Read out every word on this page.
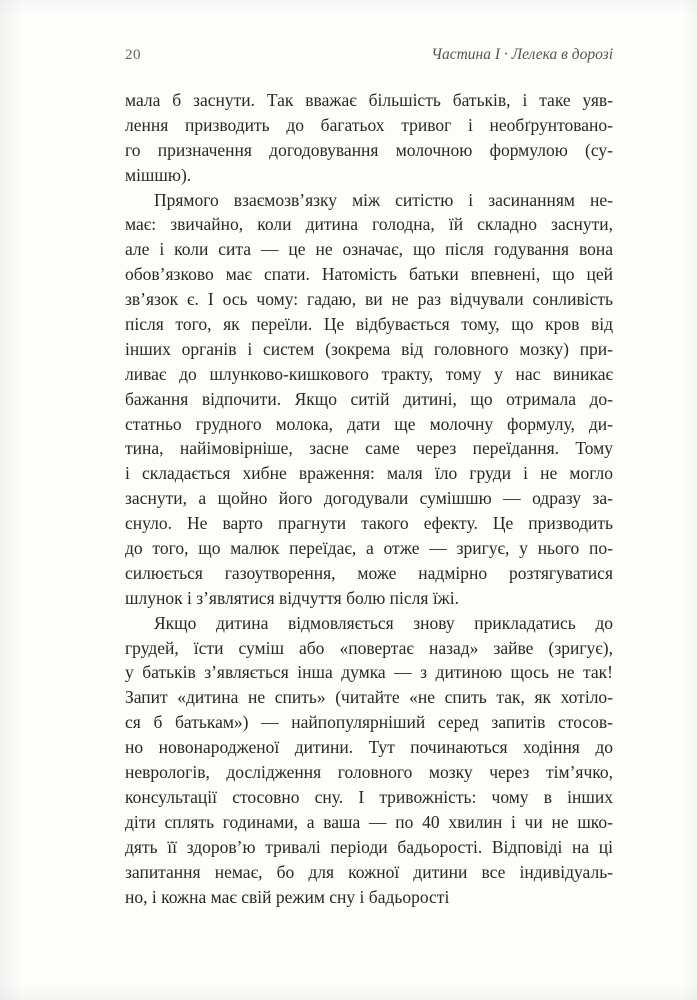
20	Частина I · Лелека в дорозі
мала б заснути. Так вважає більшість батьків, і таке уяв-
лення призводить до багатьох тривог і необґрунтовано-
го призначення догодовування молочною формулою (су-
мішшю).
Прямого взаємозв’язку між ситістю і засинанням не-
має: звичайно, коли дитина голодна, їй складно заснути,
але і коли сита — це не означає, що після годування вона
обов’язково має спати. Натомість батьки впевнені, що цей
зв’язок є. І ось чому: гадаю, ви не раз відчували сонливість
після того, як переїли. Це відбувається тому, що кров від
інших органів і систем (зокрема від головного мозку) при-
ливає до шлунково-кишкового тракту, тому у нас виникає
бажання відпочити. Якщо ситій дитині, що отримала до-
статньо грудного молока, дати ще молочну формулу, ди-
тина, найімовірніше, засне саме через переїдання. Тому
і складається хибне враження: маля їло груди і не могло
заснути, а щойно його догодували сумішшю — одразу за-
снуло. Не варто прагнути такого ефекту. Це призводить
до того, що малюк переїдає, а отже — зригує, у нього по-
силюється газоутворення, може надмірно розтягуватися
шлунок і з’являтися відчуття болю після їжі.
Якщо дитина відмовляється знову прикладатись до
грудей, їсти суміш або «повертає назад» зайве (зригує),
у батьків з’являється інша думка — з дитиною щось не так!
Запит «дитина не спить» (читайте «не спить так, як хотіло-
ся б батькам») — найпопулярніший серед запитів стосов-
но новонародженої дитини. Тут починаються ходіння до
неврологів, дослідження головного мозку через тім’ячко,
консультації стосовно сну. І тривожність: чому в інших
діти сплять годинами, а ваша — по 40 хвилин і чи не шко-
дять її здоров’ю тривалі періоди бадьорості. Відповіді на ці
запитання немає, бо для кожної дитини все індивідуаль-
но, і кожна має свій режим сну і бадьорості
